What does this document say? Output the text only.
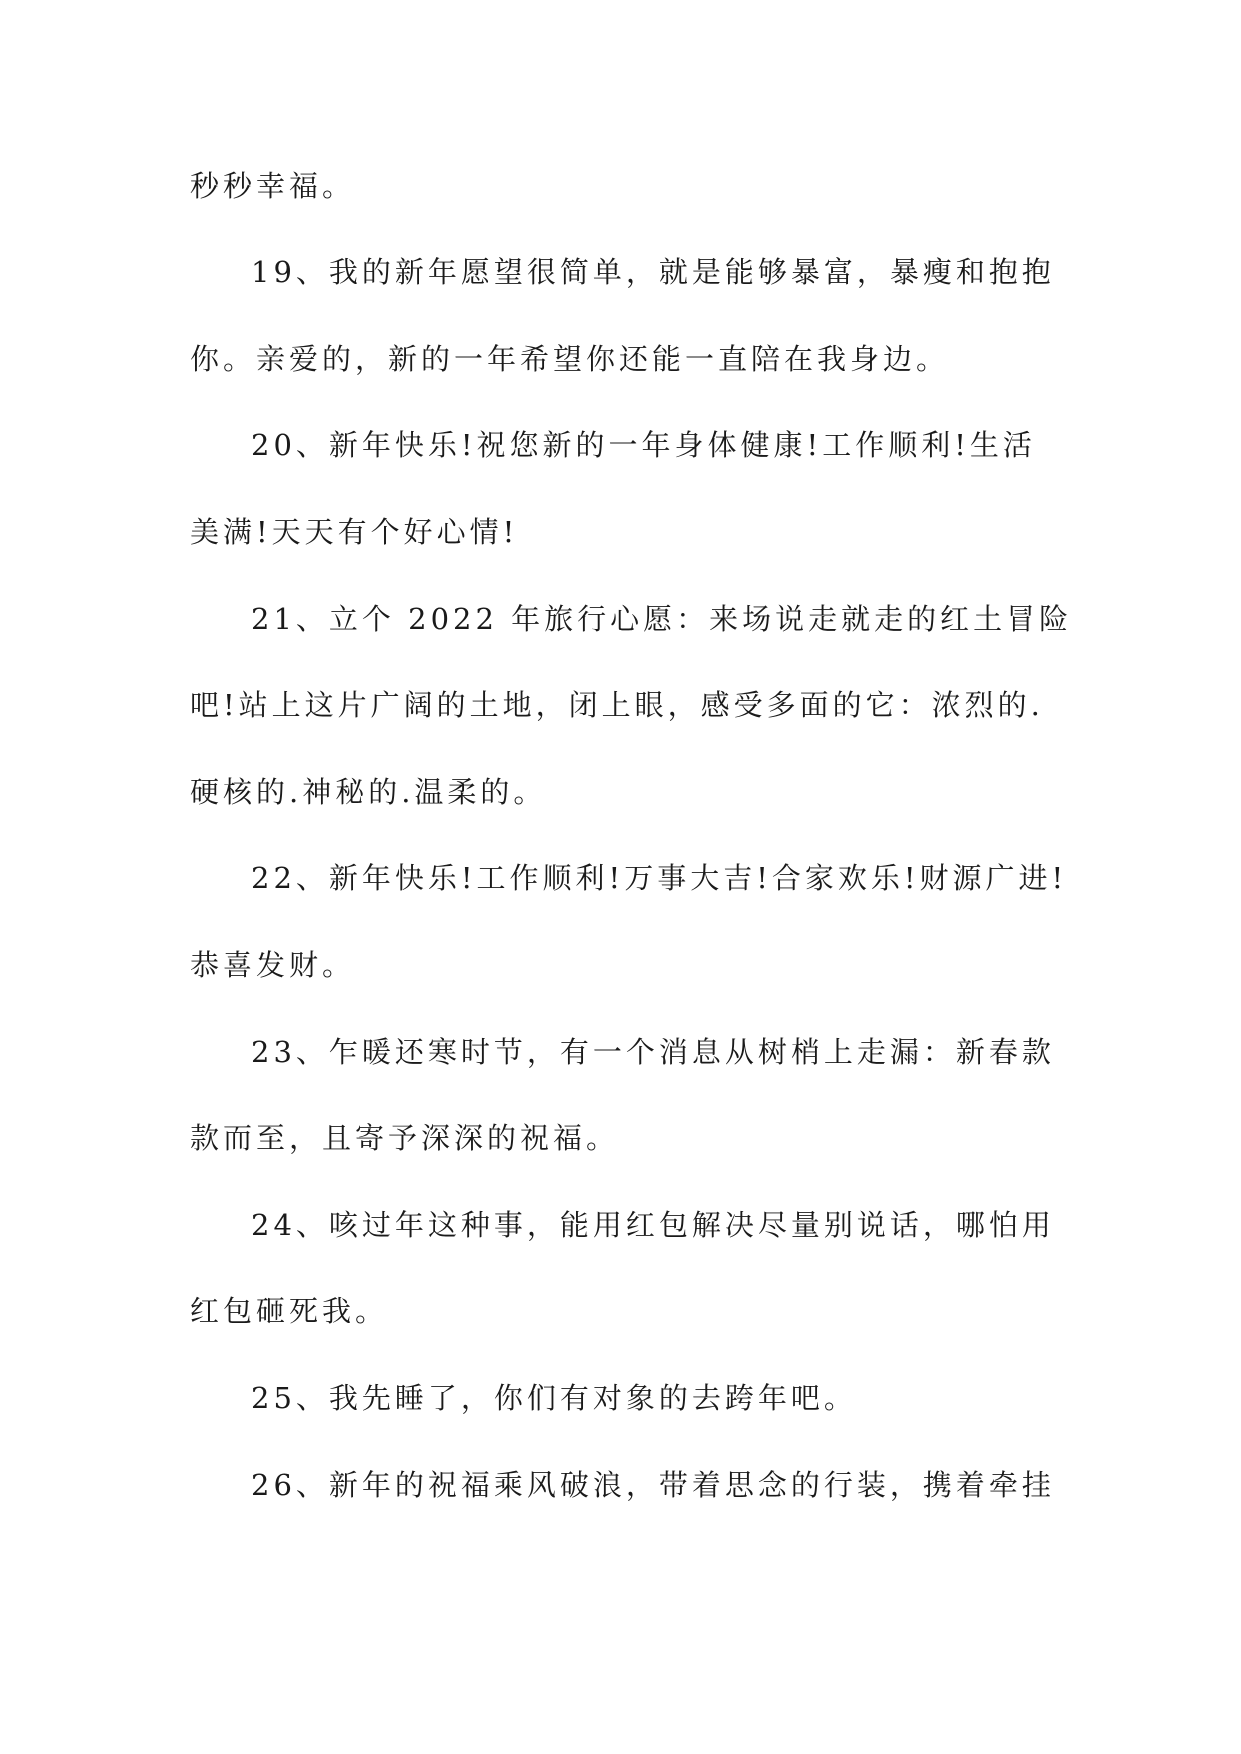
秒秒幸福。
19、我的新年愿望很简单，就是能够暴富，暴瘦和抱抱
你。亲爱的，新的一年希望你还能一直陪在我身边。
20、新年快乐!祝您新的一年身体健康!工作顺利!生活
美满!天天有个好心情!
21、立个 2022 年旅行心愿：来场说走就走的红土冒险
吧!站上这片广阔的土地，闭上眼，感受多面的它：浓烈的.
硬核的.神秘的.温柔的。
22、新年快乐!工作顺利!万事大吉!合家欢乐!财源广进!
恭喜发财。
23、乍暖还寒时节，有一个消息从树梢上走漏：新春款
款而至，且寄予深深的祝福。
24、咳过年这种事，能用红包解决尽量别说话，哪怕用
红包砸死我。
25、我先睡了，你们有对象的去跨年吧。
26、新年的祝福乘风破浪，带着思念的行装，携着牵挂
